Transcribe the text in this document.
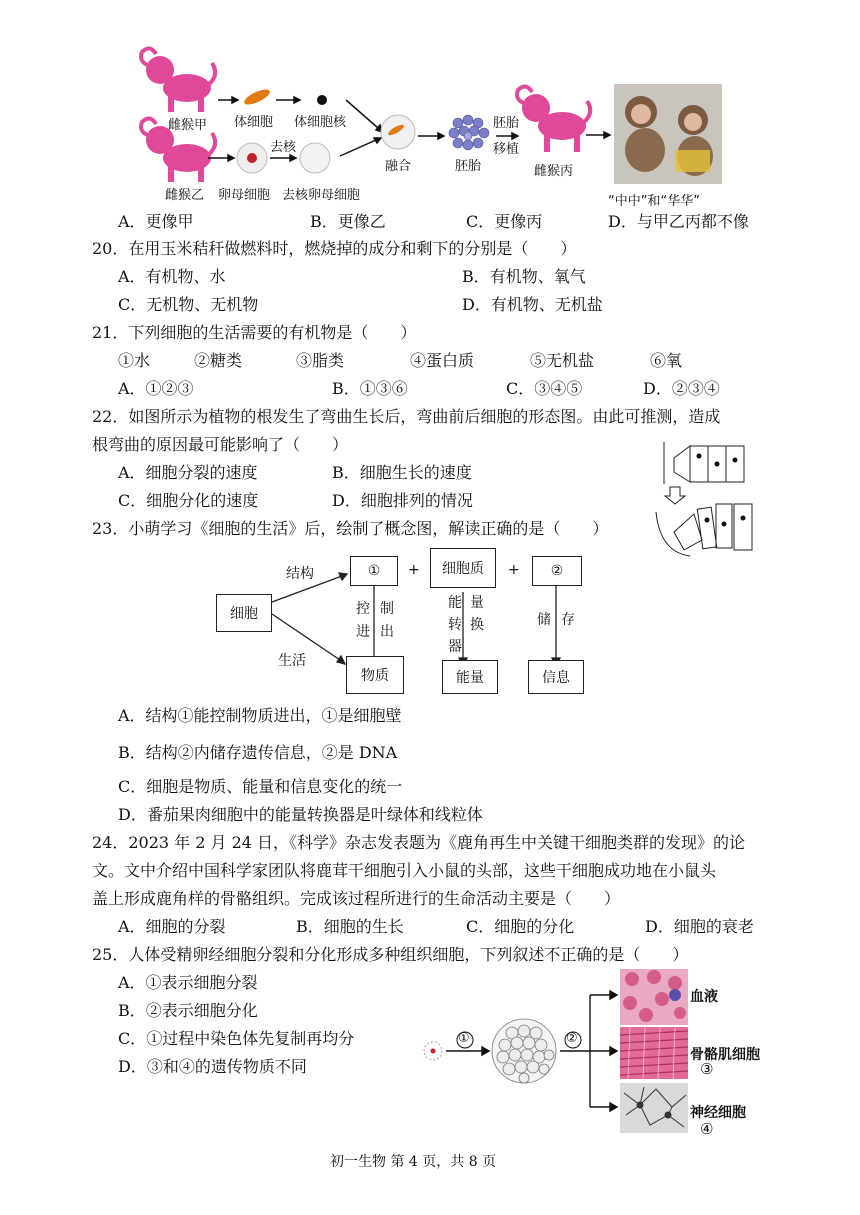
雌猴甲 体细胞 体细胞核
去核
雌猴乙 卵母细胞 去核卵母细胞
融合	胚胎
胚胎
移植
雌猴丙
“中中”和“华华”
A．更像甲	B．更像乙	C．更像丙	D．与甲乙丙都不像
20．在用玉米秸秆做燃料时，燃烧掉的成分和剩下的分别是（　　）
A．有机物、水	B．有机物、氧气
C．无机物、无机物	D．有机物、无机盐
21．下列细胞的生活需要的有机物是（　　）
①水	②糖类	③脂类	④蛋白质	⑤无机盐	⑥氧
A．①②③	B．①③⑥	C．③④⑤	D．②③④
22．如图所示为植物的根发生了弯曲生长后，弯曲前后细胞的形态图。由此可推测，造成
根弯曲的原因最可能影响了（　　）
A．细胞分裂的速度	B．细胞生长的速度
C．细胞分化的速度	D．细胞排列的情况
23．小萌学习《细胞的生活》后，绘制了概念图，解读正确的是（　　）
细胞
结构
生活
①	+	细胞质	+	②
控 制
进 出
能 量
转 换
器
储 存
物质	能量	信息
A．结构①能控制物质进出，①是细胞壁
B．结构②内储存遗传信息，②是 DNA
C．细胞是物质、能量和信息变化的统一
D．番茄果肉细胞中的能量转换器是叶绿体和线粒体
24．2023 年 2 月 24 日，《科学》杂志发表题为《鹿角再生中关键干细胞类群的发现》的论
文。文中介绍中国科学家团队将鹿茸干细胞引入小鼠的头部，这些干细胞成功地在小鼠头
盖上形成鹿角样的骨骼组织。完成该过程所进行的生命活动主要是（　　）
A．细胞的分裂	B．细胞的生长	C．细胞的分化	D．细胞的衰老
25．人体受精卵经细胞分裂和分化形成多种组织细胞，下列叙述不正确的是（　　）
A．①表示细胞分裂
B．②表示细胞分化
C．①过程中染色体先复制再均分
D．③和④的遗传物质不同
①	②
血液
骨骼肌细胞
③
神经细胞
④
初一生物 第 4 页，共 8 页
